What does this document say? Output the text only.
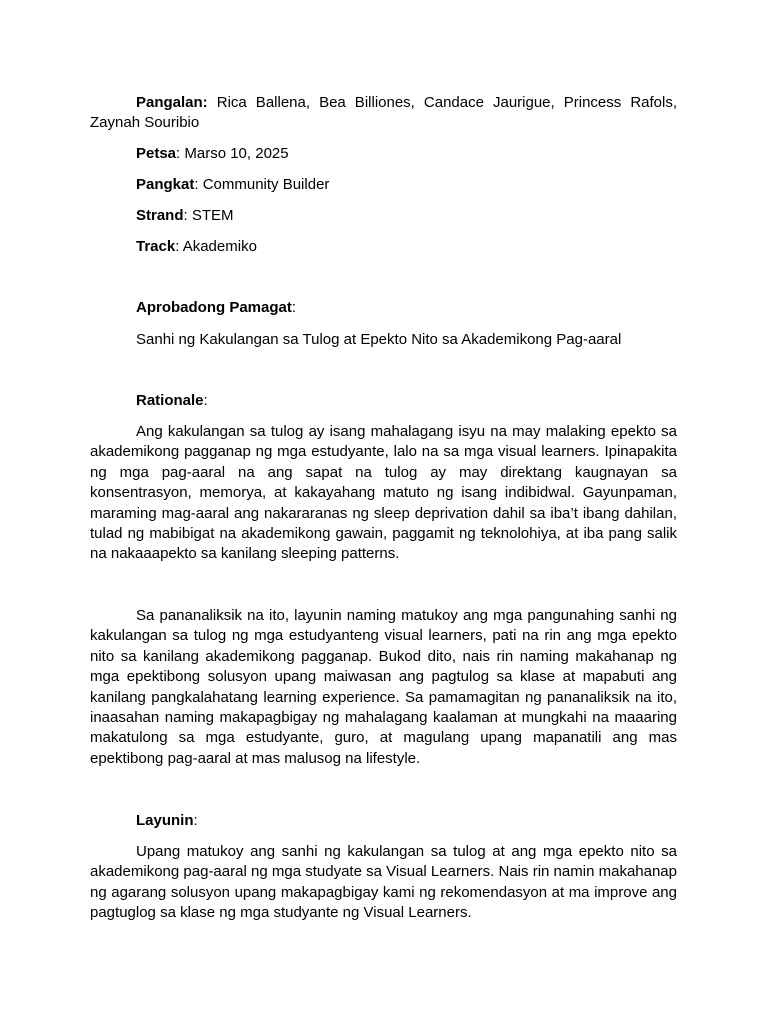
Pangalan: Rica Ballena, Bea Billiones, Candace Jaurigue, Princess Rafols, Zaynah Souribio

Petsa: Marso 10, 2025

Pangkat: Community Builder

Strand: STEM

Track: Akademiko

Aprobadong Pamagat:

Sanhi ng Kakulangan sa Tulog at Epekto Nito sa Akademikong Pag-aaral

Rationale:

Ang kakulangan sa tulog ay isang mahalagang isyu na may malaking epekto sa akademikong pagganap ng mga estudyante, lalo na sa mga visual learners. Ipinapakita ng mga pag-aaral na ang sapat na tulog ay may direktang kaugnayan sa konsentrasyon, memorya, at kakayahang matuto ng isang indibidwal. Gayunpaman, maraming mag-aaral ang nakararanas ng sleep deprivation dahil sa iba’t ibang dahilan, tulad ng mabibigat na akademikong gawain, paggamit ng teknolohiya, at iba pang salik na nakaaapekto sa kanilang sleeping patterns.

Sa pananaliksik na ito, layunin naming matukoy ang mga pangunahing sanhi ng kakulangan sa tulog ng mga estudyanteng visual learners, pati na rin ang mga epekto nito sa kanilang akademikong pagganap. Bukod dito, nais rin naming makahanap ng mga epektibong solusyon upang maiwasan ang pagtulog sa klase at mapabuti ang kanilang pangkalahatang learning experience. Sa pamamagitan ng pananaliksik na ito, inaasahan naming makapagbigay ng mahalagang kaalaman at mungkahi na maaaring makatulong sa mga estudyante, guro, at magulang upang mapanatili ang mas epektibong pag-aaral at mas malusog na lifestyle.

Layunin:

Upang matukoy ang sanhi ng kakulangan sa tulog at ang mga epekto nito sa akademikong pag-aaral ng mga studyate sa Visual Learners. Nais rin namin makahanap ng agarang solusyon upang makapagbigay kami ng rekomendasyon at ma improve ang pagtuglog sa klase ng mga studyante ng Visual Learners.
